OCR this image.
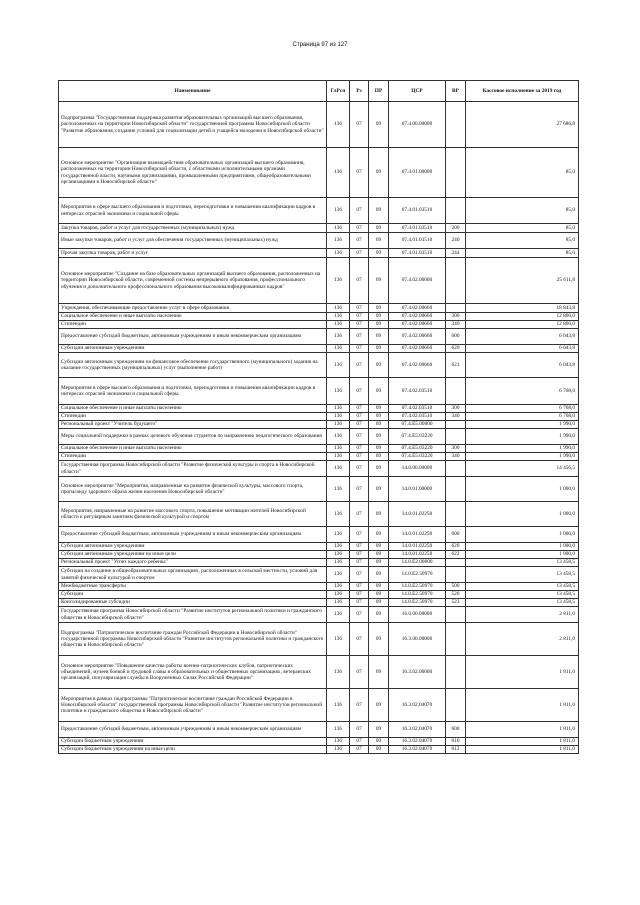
Страница 97 из 127
Наименование	ГлРсп	Рз	ПР	ЦСР	ВР	Кассовое исполнение за 2019 год
Подпрограмма "Государственная поддержка развития образовательных организаций высшего образования, расположенных на территории Новосибирской области" государственной программы Новосибирской области "Развитие образования, создание условий для социализации детей и учащейся молодежи в Новосибирской области"	136	07	09	07.4.00.00000		27 686,8
Основное мероприятие "Организация взаимодействия образовательных организаций высшего образования, расположенных на территории Новосибирской области, с областными исполнительными органами государственной власти, научными организациями, промышленными предприятиями, общеобразовательными организациями в Новосибирской области"	136	07	09	07.4.01.00000		85,0
Мероприятия в сфере высшего образования и подготовки, переподготовки и повышения квалификации кадров в интересах отраслей экономики и социальной сферы	136	07	09	07.4.01.03510		85,0
Закупка товаров, работ и услуг для государственных (муниципальных) нужд	136	07	09	07.4.01.03510	200	85,0
Иные закупки товаров, работ и услуг для обеспечения государственных (муниципальных) нужд	136	07	09	07.4.01.03510	240	85,0
Прочая закупка товаров, работ и услуг	136	07	09	07.4.01.03510	244	85,0
Основное мероприятие "Создание на базе образовательных организаций высшего образования, расположенных на территории Новосибирской области, современной системы непрерывного образования, профессионального обучения и дополнительного профессионального образования высококвалифицированных кадров"	136	07	09	07.4.02.00000		25 611,8
Учреждения, обеспечивающие предоставление услуг в сфере образования	136	07	09	07.4.02.00660		18 843,8
Социальное обеспечение и иные выплаты населению	136	07	09	07.4.02.00660	300	12 800,0
Стипендии	136	07	09	07.4.02.00660	340	12 800,0
Предоставление субсидий бюджетным, автономным учреждениям и иным некоммерческим организациям	136	07	09	07.4.02.00660	600	6 043,8
Субсидии автономным учреждениям	136	07	09	07.4.02.00660	620	6 043,8
Субсидии автономным учреждениям на финансовое обеспечение государственного (муниципального) задания на оказание государственных (муниципальных) услуг (выполнение работ)	136	07	09	07.4.02.00660	621	6 043,8
Мероприятия в сфере высшего образования и подготовки, переподготовки и повышения квалификации кадров в интересах отраслей экономики и социальной сферы	136	07	09	07.4.02.03510		6 768,0
Социальное обеспечение и иные выплаты населению	136	07	09	07.4.02.03510	300	6 768,0
Стипендии	136	07	09	07.4.02.03510	340	6 768,0
Региональный проект "Учитель будущего"	136	07	09	07.4.E5.00000		1 990,0
Меры социальной поддержки в рамках целевого обучения студентов по направлению педагогического образования	136	07	09	07.4.E5.03220		1 990,0
Социальное обеспечение и иные выплаты населению	136	07	09	07.4.E5.03220	300	1 990,0
Стипендии	136	07	09	07.4.E5.03220	340	1 990,0
Государственная программа Новосибирской области "Развитие физической культуры и спорта в Новосибирской области"	136	07	09	14.0.00.00000		14 456,5
Основное мероприятие "Мероприятия, направленные на развитие физической культуры, массового спорта, пропаганду здорового образа жизни населения Новосибирской области"	136	07	09	14.0.01.00000		1 000,0
Мероприятия, направленные на развитие массового спорта, повышение мотивации жителей Новосибирской области к регулярным занятиям физической культурой и спортом	136	07	09	14.0.01.02250		1 000,0
Предоставление субсидий бюджетным, автономным учреждениям и иным некоммерческим организациям	136	07	09	14.0.01.02250	600	1 000,0
Субсидии автономным учреждениям	136	07	09	14.0.01.02250	620	1 000,0
Субсидии автономным учреждениям на иные цели	136	07	09	14.0.01.02250	622	1 000,0
Региональный проект "Успех каждого ребенка"	136	07	09	14.0.E2.00000		13 458,5
Субсидии на создание в общеобразовательных организациях, расположенных в сельской местности, условий для занятий физической культурой и спортом	136	07	09	14.0.E2.50970		13 458,5
Межбюджетные трансферты	136	07	09	14.0.E2.50970	500	13 458,5
Субсидии	136	07	09	14.0.E2.50970	520	13 458,5
Консолидированные субсидии	136	07	09	14.0.E2.50970	523	13 458,5
Государственная программа Новосибирской области "Развитие институтов региональной политики и гражданского общества в Новосибирской области"	136	07	09	16.0.00.00000		2 811,0
Подпрограмма "Патриотическое воспитание граждан Российской Федерации в Новосибирской области" государственной программы Новосибирской области "Развитие институтов региональной политики и гражданского общества в Новосибирской области"	136	07	09	16.3.00.00000		2 811,0
Основное мероприятие "Повышение качества работы военно-патриотических клубов, патриотических объединений, музеев боевой и трудовой славы в образовательных и общественных организациях, ветеранских организаций, популяризация службы в Вооруженных Силах Российской Федерации"	136	07	09	16.3.02.00000		1 811,0
Мероприятия в рамках подпрограммы "Патриотическое воспитание граждан Российской Федерации в Новосибирской области" государственной программы Новосибирской области "Развитие институтов региональной политики и гражданского общества в Новосибирской области"	136	07	09	16.3.02.04070		1 811,0
Предоставление субсидий бюджетным, автономным учреждениям и иным некоммерческим организациям	136	07	09	16.3.02.04070	600	1 811,0
Субсидии бюджетным учреждениям	136	07	09	16.3.02.04070	610	1 811,0
Субсидии бюджетным учреждениям на иные цели	136	07	09	16.3.02.04070	612	1 811,0
